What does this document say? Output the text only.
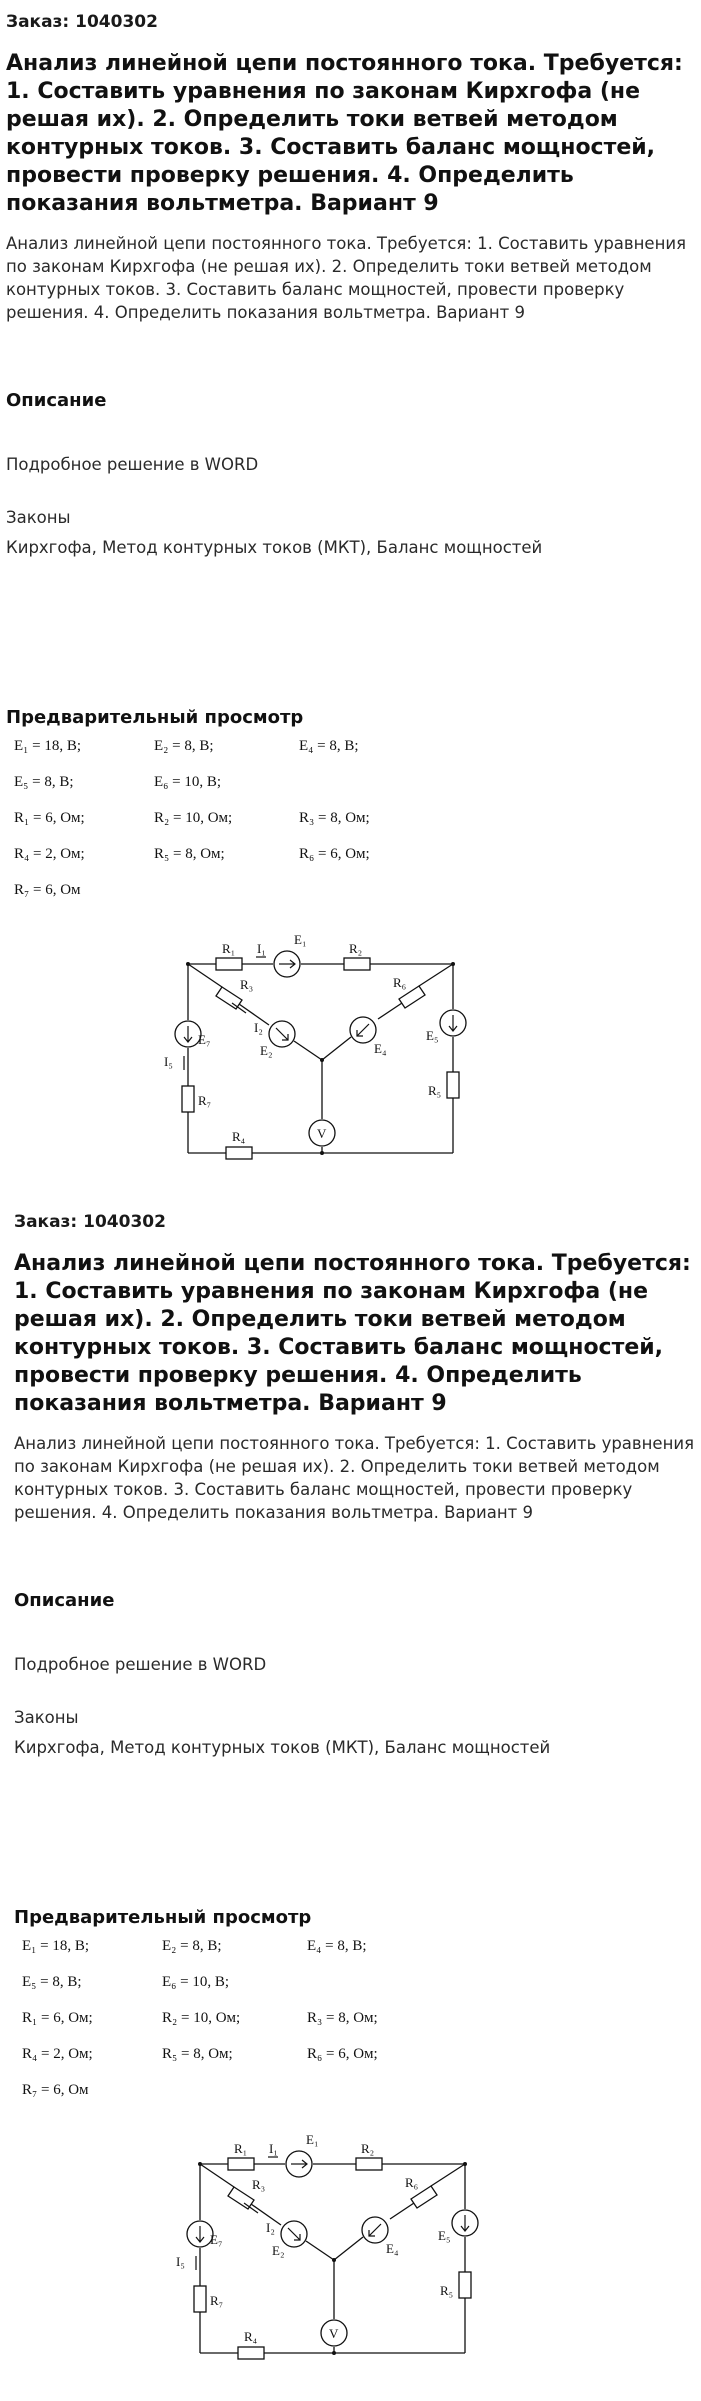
Заказ: 1040302
Анализ линейной цепи постоянного тока. Требуется: 1. Составить уравнения по законам Кирхгофа (не решая их). 2. Определить токи ветвей методом контурных токов. 3. Составить баланс мощностей, провести проверку решения. 4. Определить показания вольтметра. Вариант 9
Анализ линейной цепи постоянного тока. Требуется: 1. Составить уравнения по законам Кирхгофа (не решая их). 2. Определить токи ветвей методом контурных токов. 3. Составить баланс мощностей, провести проверку решения. 4. Определить показания вольтметра. Вариант 9
Описание
Подробное решение в WORD
Законы
Кирхгофа, Метод контурных токов (МКТ), Баланс мощностей
Предварительный просмотр
E₁ = 18, В;	E₂ = 8, В;	E₄ = 8, В;
E₅ = 8, В;	E₆ = 10, В;
R₁ = 6, Ом;	R₂ = 10, Ом;	R₃ = 8, Ом;
R₄ = 2, Ом;	R₅ = 8, Ом;	R₆ = 6, Ом;
R₇ = 6, Ом
R₁ I₁
E₁
R₂
R₃	R₆
I₂
E₂	E₄
E₇
I₅
R₇
R₄
E₅
R₅
V
Заказ: 1040302
Анализ линейной цепи постоянного тока. Требуется: 1. Составить уравнения по законам Кирхгофа (не решая их). 2. Определить токи ветвей методом контурных токов. 3. Составить баланс мощностей, провести проверку решения. 4. Определить показания вольтметра. Вариант 9
Анализ линейной цепи постоянного тока. Требуется: 1. Составить уравнения по законам Кирхгофа (не решая их). 2. Определить токи ветвей методом контурных токов. 3. Составить баланс мощностей, провести проверку решения. 4. Определить показания вольтметра. Вариант 9
Описание
Подробное решение в WORD
Законы
Кирхгофа, Метод контурных токов (МКТ), Баланс мощностей
Предварительный просмотр
E₁ = 18, В;	E₂ = 8, В;	E₄ = 8, В;
E₅ = 8, В;	E₆ = 10, В;
R₁ = 6, Ом;	R₂ = 10, Ом;	R₃ = 8, Ом;
R₄ = 2, Ом;	R₅ = 8, Ом;	R₆ = 6, Ом;
R₇ = 6, Ом
R₁ I₁
E₁
R₂
R₃	R₆
I₂
E₂	E₄
E₇
I₅
R₇
R₄
E₅
R₅
V
